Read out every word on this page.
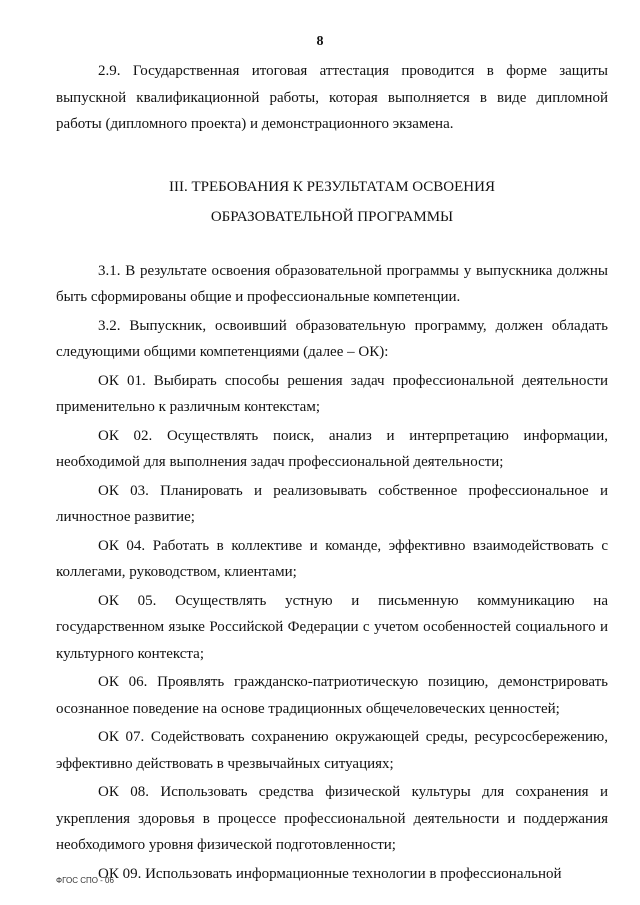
8

2.9. Государственная итоговая аттестация проводится в форме защиты выпускной квалификационной работы, которая выполняется в виде дипломной работы (дипломного проекта) и демонстрационного экзамена.

III. ТРЕБОВАНИЯ К РЕЗУЛЬТАТАМ ОСВОЕНИЯ
ОБРАЗОВАТЕЛЬНОЙ ПРОГРАММЫ

3.1. В результате освоения образовательной программы у выпускника должны быть сформированы общие и профессиональные компетенции.

3.2. Выпускник, освоивший образовательную программу, должен обладать следующими общими компетенциями (далее – ОК):

ОК 01. Выбирать способы решения задач профессиональной деятельности применительно к различным контекстам;

ОК 02. Осуществлять поиск, анализ и интерпретацию информации, необходимой для выполнения задач профессиональной деятельности;

ОК 03. Планировать и реализовывать собственное профессиональное и личностное развитие;

ОК 04. Работать в коллективе и команде, эффективно взаимодействовать с коллегами, руководством, клиентами;

ОК 05. Осуществлять устную и письменную коммуникацию на государственном языке Российской Федерации с учетом особенностей социального и культурного контекста;

ОК 06. Проявлять гражданско-патриотическую позицию, демонстрировать осознанное поведение на основе традиционных общечеловеческих ценностей;

ОК 07. Содействовать сохранению окружающей среды, ресурсосбережению, эффективно действовать в чрезвычайных ситуациях;

ОК 08. Использовать средства физической культуры для сохранения и укрепления здоровья в процессе профессиональной деятельности и поддержания необходимого уровня физической подготовленности;

ОК 09. Использовать информационные технологии в профессиональной

ФГОС СПО - 06
